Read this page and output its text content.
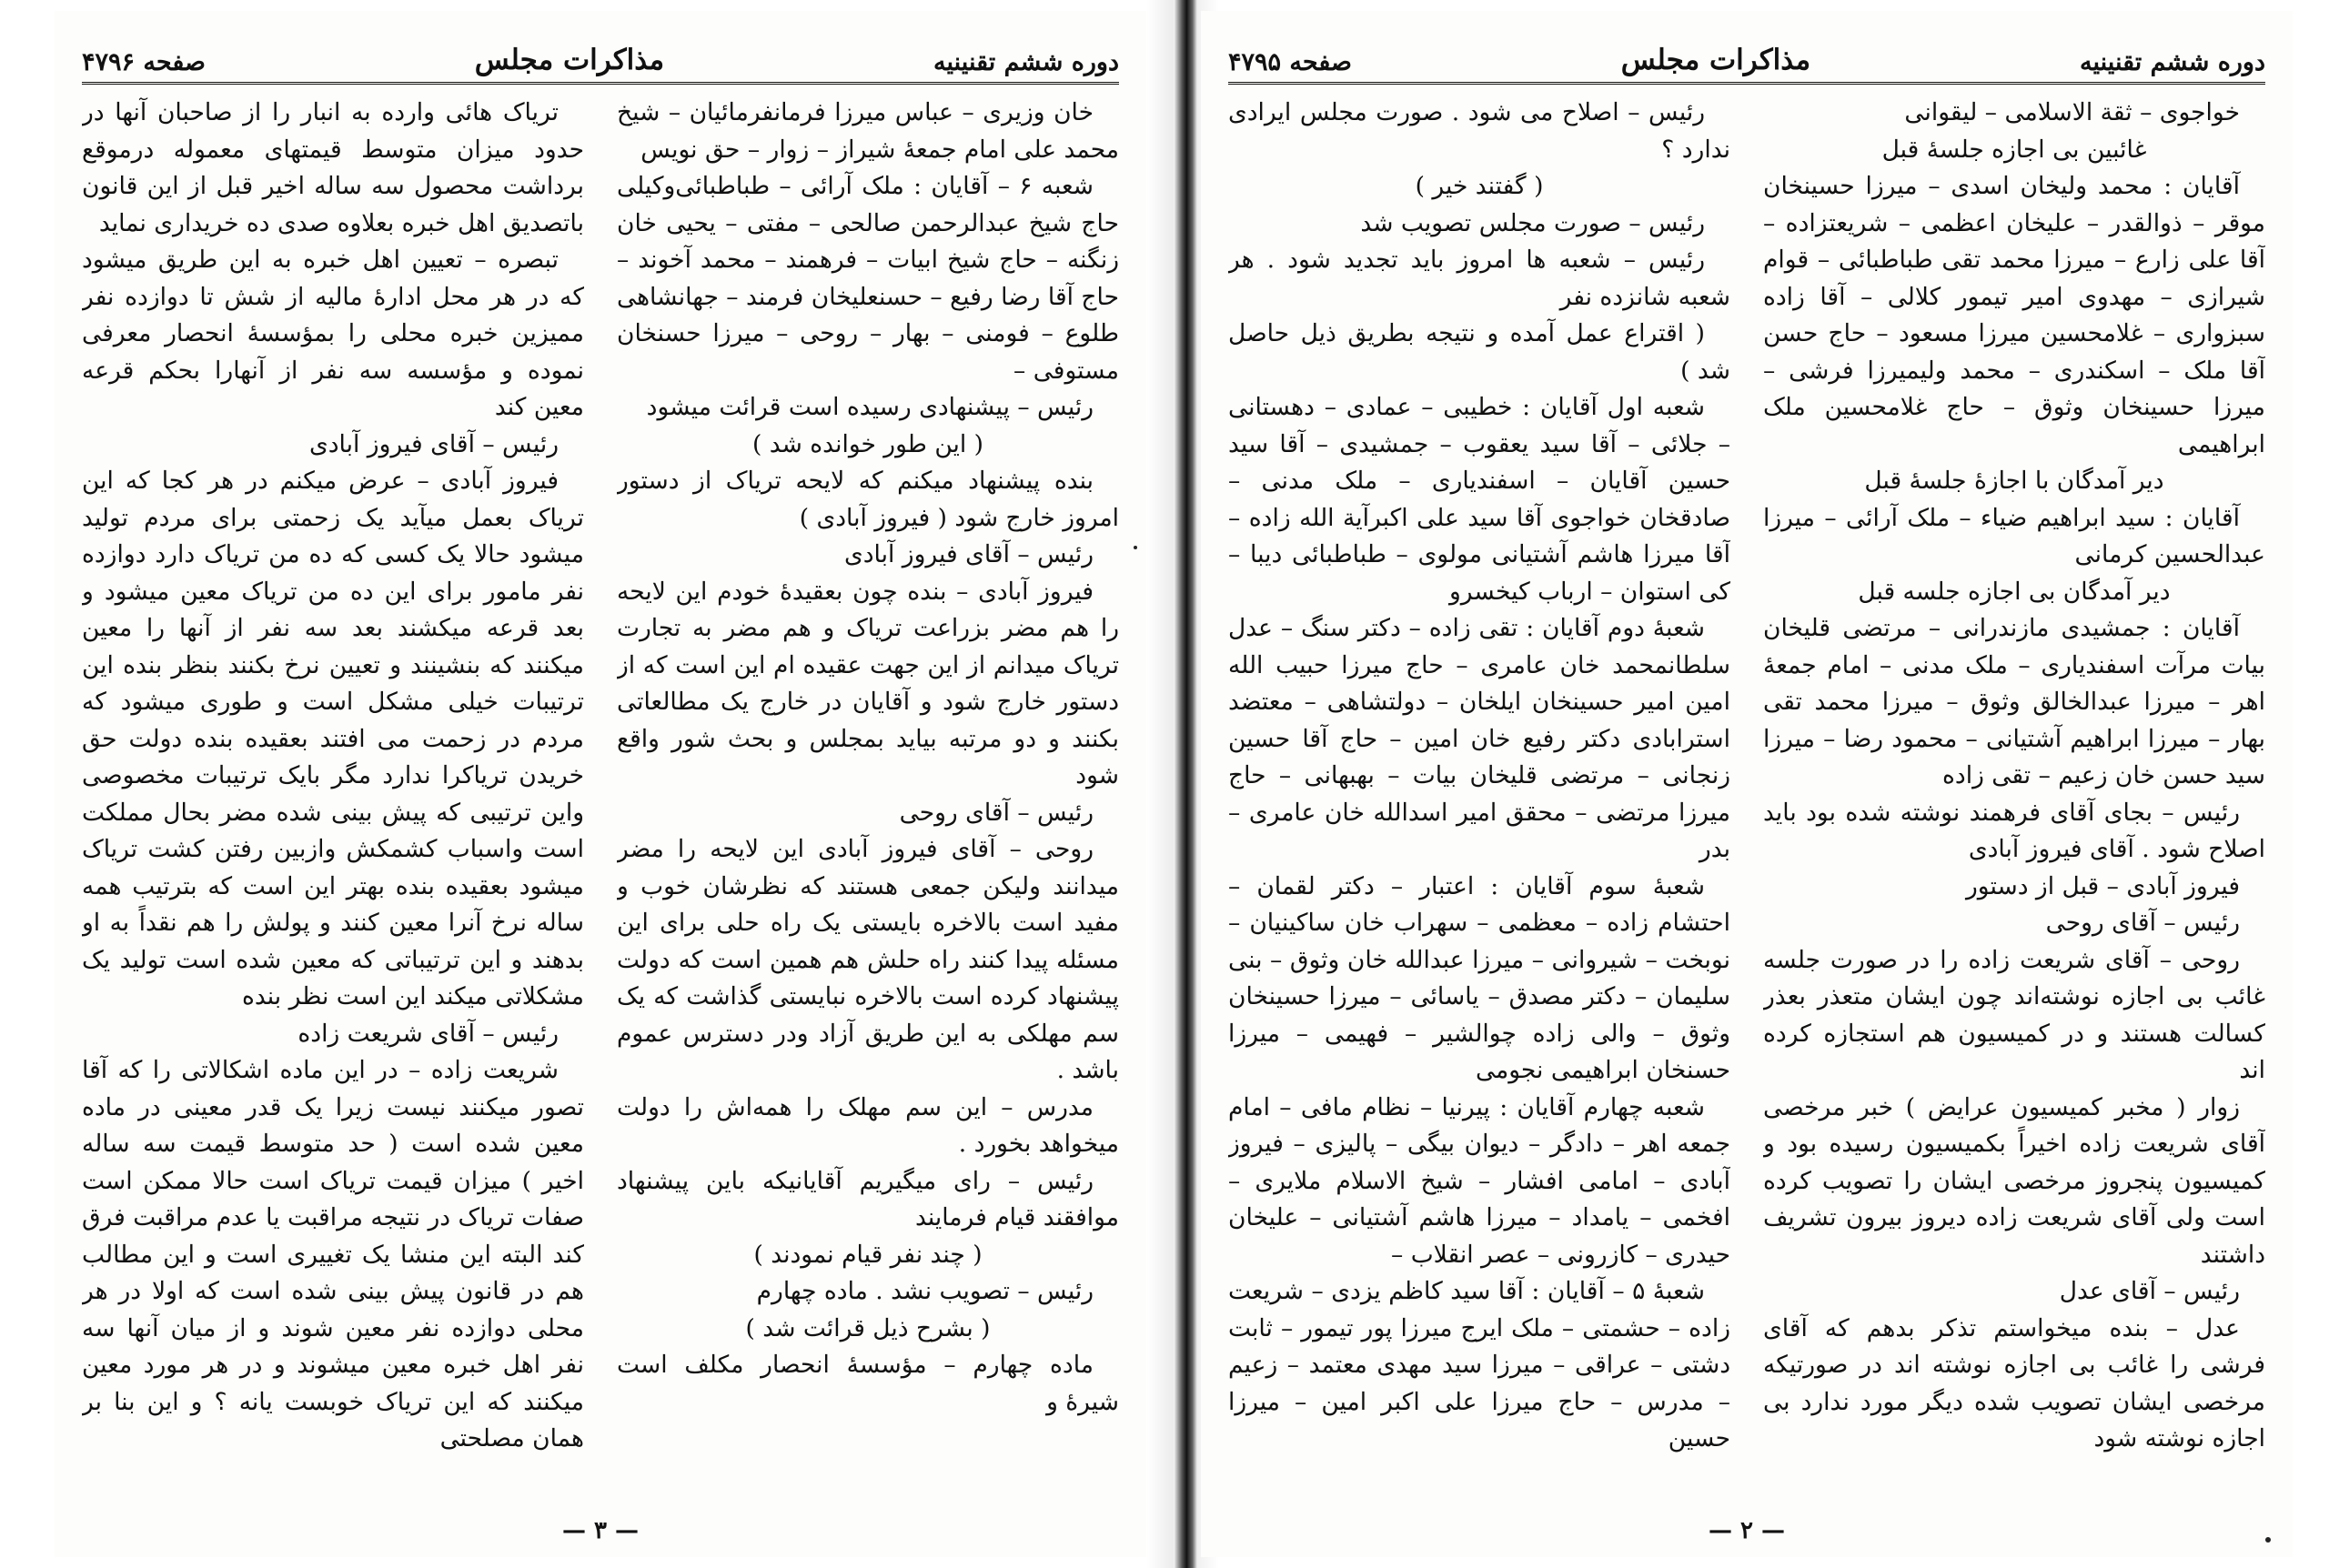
دوره ششم تقنینیه
مذاکرات مجلس
صفحه ۴۷۹۶

خان وزیری – عباس میرزا فرمانفرمائیان – شیخ محمد علی امام جمعهٔ شیراز – زوار – حق نویس

شعبه ۶ – آقایان : ملک آرائی – طباطبائی‌وکیلی حاج شیخ عبدالرحمن صالحی – مفتی – یحیی خان زنگنه – حاج شیخ ابیات – فرهمند – محمد آخوند – حاج آقا رضا رفیع – حسنعلیخان فرمند – جهانشاهی طلوع – فومنی – بهار – روحی – میرزا حسنخان مستوفی –

رئیس – پیشنهادی رسیده است قرائت میشود

( این طور خوانده شد )

بنده پیشنهاد میکنم که لایحه تریاک از دستور امروز خارج شود ( فیروز آبادی )

رئیس – آقای فیروز آبادی

فیروز آبادی – بنده چون بعقیدهٔ خودم این لایحه را هم مضر بزراعت تریاک و هم مضر به تجارت تریاک میدانم از این جهت عقیده ام این است که از دستور خارج شود و آقایان در خارج یک مطالعاتی بکنند و دو مرتبه بیاید بمجلس و بحث شور واقع شود

رئیس – آقای روحی

روحی – آقای فیروز آبادی این لایحه را مضر میدانند ولیکن جمعی هستند که نظرشان خوب و مفید است بالاخره بایستی یک راه حلی برای این مسئله پیدا کنند راه حلش هم همین است که دولت پیشنهاد کرده است بالاخره نبایستی گذاشت که یک سم مهلکی به این طریق آزاد ودر دسترس عموم باشد .

مدرس – این سم مهلک را همه‌اش را دولت میخواهد بخورد .

رئیس – رای میگیریم آقایانیکه باین پیشنهاد موافقند قیام فرمایند

( چند نفر قیام نمودند )

رئیس – تصویب نشد . ماده چهارم

( بشرح ذیل قرائت شد )

ماده چهارم – مؤسسهٔ انحصار مکلف است شیرهٔ و

تریاک هائی وارده به انبار را از صاحبان آنها در حدود میزان متوسط قیمتهای معموله درموقع برداشت محصول سه ساله اخیر قبل از این قانون باتصدیق اهل خبره بعلاوه صدی ده خریداری نماید

تبصره – تعیین اهل خبره به این طریق میشود که در هر محل ادارهٔ مالیه از شش تا دوازده نفر ممیزین خبره محلی را بمؤسسهٔ انحصار معرفی نموده و مؤسسه سه نفر از آنهارا بحکم قرعه معین کند

رئیس – آقای فیروز آبادی

فیروز آبادی – عرض میکنم در هر کجا که این تریاک بعمل میآید یک زحمتی برای مردم تولید میشود حالا یک کسی که ده من تریاک دارد دوازده نفر مامور برای این ده من تریاک معین میشود و بعد قرعه میکشند بعد سه نفر از آنها را معین میکنند که بنشینند و تعیین نرخ بکنند بنظر بنده این ترتیبات خیلی مشکل است و طوری میشود که مردم در زحمت می افتند بعقیده بنده دولت حق خریدن تریاکرا ندارد مگر بایک ترتیبات مخصوصی واین ترتیبی که پیش بینی شده مضر بحال مملکت است واسباب کشمکش وازبین رفتن کشت تریاک میشود بعقیده بنده بهتر این است که بترتیب همه ساله نرخ آنرا معین کنند و پولش را هم نقداً به او بدهند و این ترتیباتی که معین شده است تولید یک مشکلاتی میکند این است نظر بنده

رئیس – آقای شریعت زاده

شریعت زاده – در این ماده اشکالاتی را که آقا تصور میکنند نیست زیرا یک قدر معینی در ماده معین شده است ( حد متوسط قیمت سه ساله اخیر ) میزان قیمت تریاک است حالا ممکن است صفات تریاک در نتیجه مراقبت یا عدم مراقبت فرق کند البته این منشا یک تغییری است و این مطالب هم در قانون پیش بینی شده است که اولا در هر محلی دوازده نفر معین شوند و از میان آنها سه نفر اهل خبره معین میشوند و در هر مورد معین میکنند که این تریاک خوبست یانه ؟ و این بنا بر همان مصلحتی

— ۳ —
دوره ششم تقنینیه
مذاکرات مجلس
صفحه ۴۷۹۵

خواجوی – ثقة الاسلامی – لیقوانی

غائبین بی اجازه جلسهٔ قبل

آقایان : محمد ولیخان اسدی – میرزا حسینخان موقر – ذوالقدر – علیخان اعظمی – شریعتزاده – آقا علی زارع – میرزا محمد تقی طباطبائی – قوام شیرازی – مهدوی امیر تیمور کلالی – آقا زاده سبزواری – غلامحسین میرزا مسعود – حاج حسن آقا ملک – اسکندری – محمد ولیمیرزا فرشی – میرزا حسینخان وثوق – حاج غلامحسین ملک ابراهیمی

دیر آمدگان با اجازهٔ جلسهٔ قبل

آقایان : سید ابراهیم ضیاء – ملک آرائی – میرزا عبدالحسین کرمانی

دیر آمدگان بی اجازه جلسه قبل

آقایان : جمشیدی مازندرانی – مرتضی قلیخان بیات مرآت اسفندیاری – ملک مدنی – امام جمعهٔ اهر – میرزا عبدالخالق وثوق – میرزا محمد تقی بهار – میرزا ابراهیم آشتیانی – محمود رضا – میرزا سید حسن خان زعیم – تقی زاده

رئیس – بجای آقای فرهمند نوشته شده بود باید اصلاح شود . آقای فیروز آبادی

فیروز آبادی – قبل از دستور

رئیس – آقای روحی

روحی – آقای شریعت زاده را در صورت جلسه غائب بی اجازه نوشته‌اند چون ایشان متعذر بعذر کسالت هستند و در کمیسیون هم استجازه کرده اند

زوار ( مخبر کمیسیون عرایض ) خبر مرخصی آقای شریعت زاده اخیراً بکمیسیون رسیده بود و کمیسیون پنجروز مرخصی ایشان را تصویب کرده است ولی آقای شریعت زاده دیروز بیرون تشریف داشتند

رئیس – آقای عدل

عدل – بنده میخواستم تذکر بدهم که آقای فرشی را غائب بی اجازه نوشته اند در صورتیکه مرخصی ایشان تصویب شده دیگر مورد ندارد بی اجازه نوشته شود

رئیس – اصلاح می شود . صورت مجلس ایرادی ندارد ؟

( گفتند خیر )

رئیس – صورت مجلس تصویب شد

رئیس – شعبه ها امروز باید تجدید شود . هر شعبه شانزده نفر

( اقتراع عمل آمده و نتیجه بطریق ذیل حاصل شد )

شعبه اول آقایان : خطیبی – عمادی – دهستانی – جلائی – آقا سید یعقوب – جمشیدی – آقا سید حسین آقایان – اسفندیاری – ملک مدنی – صادقخان خواجوی آقا سید علی اکبرآیة الله زاده – آقا میرزا هاشم آشتیانی مولوی – طباطبائی دیبا – کی استوان – ارباب کیخسرو

شعبهٔ دوم آقایان : تقی زاده – دکتر سنگ – عدل سلطانمحمد خان عامری – حاج میرزا حبیب الله امین امیر حسینخان ایلخان – دولتشاهی – معتضد استرابادی دکتر رفیع خان امین – حاج آقا حسین زنجانی – مرتضی قلیخان بیات – بهبهانی – حاج میرزا مرتضی – محقق امیر اسدالله خان عامری – بدر

شعبهٔ سوم آقایان : اعتبار – دکتر لقمان – احتشام زاده – معظمی – سهراب خان ساکینیان – نوبخت – شیروانی – میرزا عبدالله خان وثوق – بنی سلیمان – دکتر مصدق – یاسائی – میرزا حسینخان وثوق – والی زاده چوالشیر – فهیمی – میرزا حسنخان ابراهیمی نجومی

شعبه چهارم آقایان : پیرنیا – نظام مافی – امام جمعه اهر – دادگر – دیوان بیگی – پالیزی – فیروز آبادی – امامی افشار – شیخ الاسلام ملایری – افخمی – یامداد – میرزا هاشم آشتیانی – علیخان حیدری – کازرونی – عصر انقلاب –

شعبهٔ ۵ – آقایان : آقا سید کاظم یزدی – شریعت زاده – حشمتی – ملک ایرج میرزا پور تیمور – ثابت دشتی – عراقی – میرزا سید مهدی معتمد – زعیم – مدرس – حاج میرزا علی اکبر امین – میرزا حسین

— ۲ —
